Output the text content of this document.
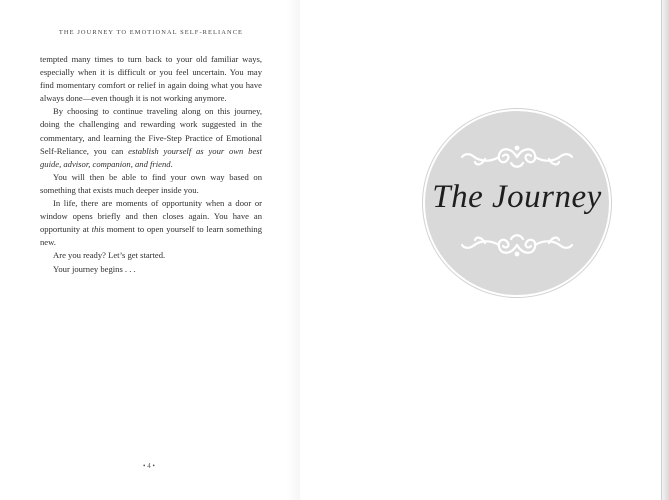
THE JOURNEY TO EMOTIONAL SELF-RELIANCE

tempted many times to turn back to your old familiar ways, especially when it is difficult or you feel uncertain. You may find momentary comfort or relief in again doing what you have always done—even though it is not working anymore.

By choosing to continue traveling along on this journey, doing the challenging and rewarding work suggested in the commentary, and learning the Five-Step Practice of Emotional Self-Reliance, you can establish yourself as your own best guide, advisor, companion, and friend.

You will then be able to find your own way based on something that exists much deeper inside you.

In life, there are moments of opportunity when a door or window opens briefly and then closes again. You have an opportunity at this moment to open yourself to learn something new.

Are you ready? Let’s get started.

Your journey begins . . .

• 4 •
The Journey
